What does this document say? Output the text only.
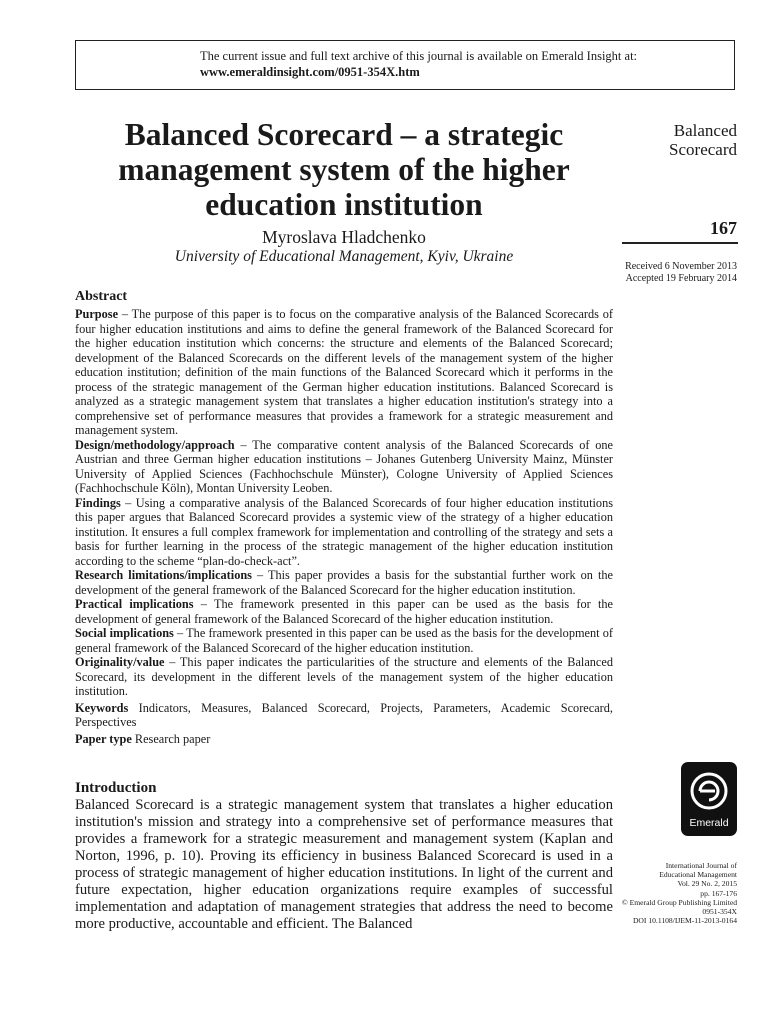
The current issue and full text archive of this journal is available on Emerald Insight at:
www.emeraldinsight.com/0951-354X.htm
Balanced Scorecard – a strategic management system of the higher education institution
Myroslava Hladchenko
University of Educational Management, Kyiv, Ukraine
Balanced
Scorecard
167
Received 6 November 2013
Accepted 19 February 2014
Abstract

Purpose – The purpose of this paper is to focus on the comparative analysis of the Balanced Scorecards of four higher education institutions and aims to define the general framework of the Balanced Scorecard for the higher education institution which concerns: the structure and elements of the Balanced Scorecard; development of the Balanced Scorecards on the different levels of the management system of the higher education institution; definition of the main functions of the Balanced Scorecard which it performs in the process of the strategic management of the German higher education institutions. Balanced Scorecard is analyzed as a strategic management system that translates a higher education institution's strategy into a comprehensive set of performance measures that provides a framework for a strategic measurement and management system.

Design/methodology/approach – The comparative content analysis of the Balanced Scorecards of one Austrian and three German higher education institutions – Johanes Gutenberg University Mainz, Münster University of Applied Sciences (Fachhochschule Münster), Cologne University of Applied Sciences (Fachhochschule Köln), Montan University Leoben.

Findings – Using a comparative analysis of the Balanced Scorecards of four higher education institutions this paper argues that Balanced Scorecard provides a systemic view of the strategy of a higher education institution. It ensures a full complex framework for implementation and controlling of the strategy and sets a basis for further learning in the process of the strategic management of the higher education institution according to the scheme “plan-do-check-act”.

Research limitations/implications – This paper provides a basis for the substantial further work on the development of the general framework of the Balanced Scorecard for the higher education institution.

Practical implications – The framework presented in this paper can be used as the basis for the development of general framework of the Balanced Scorecard of the higher education institution.

Social implications – The framework presented in this paper can be used as the basis for the development of general framework of the Balanced Scorecard of the higher education institution.

Originality/value – This paper indicates the particularities of the structure and elements of the Balanced Scorecard, its development in the different levels of the management system of the higher education institution.

Keywords Indicators, Measures, Balanced Scorecard, Projects, Parameters, Academic Scorecard, Perspectives

Paper type Research paper

Introduction

Balanced Scorecard is a strategic management system that translates a higher education institution's mission and strategy into a comprehensive set of performance measures that provides a framework for a strategic measurement and management system (Kaplan and Norton, 1996, p. 10). Proving its efficiency in business Balanced Scorecard is used in a process of strategic management of higher education institutions. In light of the current and future expectation, higher education organizations require examples of successful implementation and adaptation of management strategies that address the need to become more productive, accountable and efficient. The Balanced

Emerald
International Journal of
Educational Management
Vol. 29 No. 2, 2015
pp. 167-176
© Emerald Group Publishing Limited
0951-354X
DOI 10.1108/IJEM-11-2013-0164
